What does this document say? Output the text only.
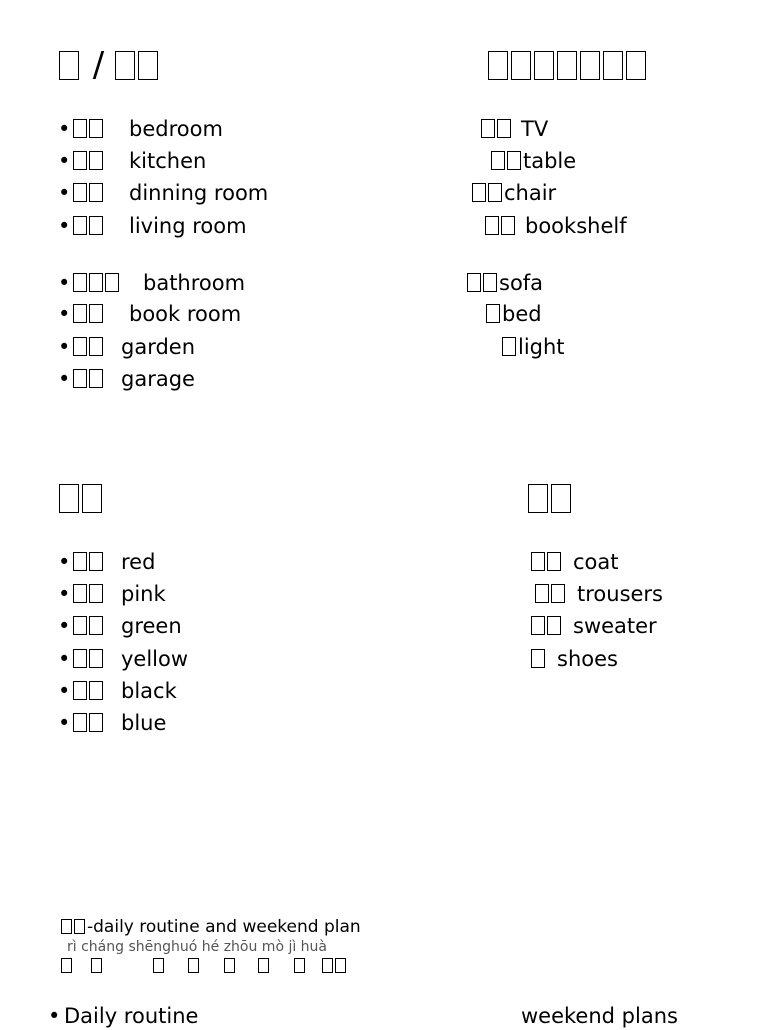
/
• bedroom
• kitchen
• dinning room
• living room
• bathroom
• book room
• garden
• garage
TV
table
chair
bookshelf
sofa
bed
light
• red
• pink
• green
• yellow
• black
• blue
coat
trousers
sweater
shoes
-daily routine and weekend plan
rì cháng shēnghuó hé zhōu mò jì huà

• Daily routine	weekend plans
